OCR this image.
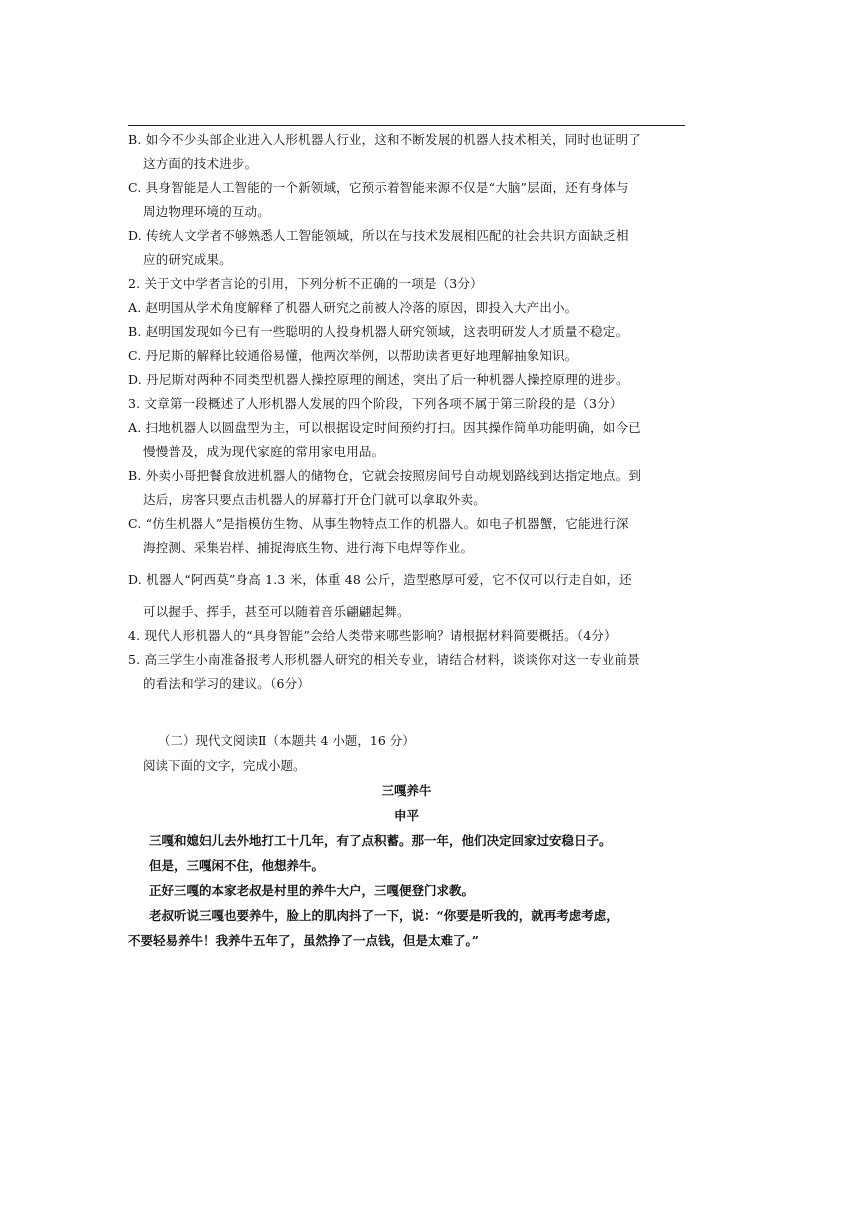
B. 如今不少头部企业进入人形机器人行业，这和不断发展的机器人技术相关，同时也证明了
这方面的技术进步。
C. 具身智能是人工智能的一个新领域，它预示着智能来源不仅是“大脑”层面，还有身体与
周边物理环境的互动。
D. 传统人文学者不够熟悉人工智能领域，所以在与技术发展相匹配的社会共识方面缺乏相
应的研究成果。
2. 关于文中学者言论的引用，下列分析不正确的一项是（3分）
A. 赵明国从学术角度解释了机器人研究之前被人冷落的原因，即投入大产出小。
B. 赵明国发现如今已有一些聪明的人投身机器人研究领域，这表明研发人才质量不稳定。
C. 丹尼斯的解释比较通俗易懂，他两次举例，以帮助读者更好地理解抽象知识。
D. 丹尼斯对两种不同类型机器人操控原理的阐述，突出了后一种机器人操控原理的进步。
3. 文章第一段概述了人形机器人发展的四个阶段，下列各项不属于第三阶段的是（3分）
A. 扫地机器人以圆盘型为主，可以根据设定时间预约打扫。因其操作简单功能明确，如今已
慢慢普及，成为现代家庭的常用家电用品。
B. 外卖小哥把餐食放进机器人的储物仓，它就会按照房间号自动规划路线到达指定地点。到
达后，房客只要点击机器人的屏幕打开仓门就可以拿取外卖。
C. “仿生机器人”是指模仿生物、从事生物特点工作的机器人。如电子机器蟹，它能进行深
海控测、采集岩样、捕捉海底生物、进行海下电焊等作业。
D. 机器人“阿西莫”身高 1.3 米，体重 48 公斤，造型憨厚可爱，它不仅可以行走自如，还
可以握手、挥手，甚至可以随着音乐翩翩起舞。
4. 现代人形机器人的“具身智能”会给人类带来哪些影响？请根据材料简要概括。（4分）
5. 高三学生小南准备报考人形机器人研究的相关专业，请结合材料，谈谈你对这一专业前景
的看法和学习的建议。（6分）
（二）现代文阅读Ⅱ（本题共 4 小题，16 分）
阅读下面的文字，完成小题。
三嘎养牛
申平
三嘎和媳妇儿去外地打工十几年，有了点积蓄。那一年，他们决定回家过安稳日子。
但是，三嘎闲不住，他想养牛。
正好三嘎的本家老叔是村里的养牛大户，三嘎便登门求教。
老叔听说三嘎也要养牛，脸上的肌肉抖了一下，说：“你要是听我的，就再考虑考虑，
不要轻易养牛！我养牛五年了，虽然挣了一点钱，但是太难了。”
